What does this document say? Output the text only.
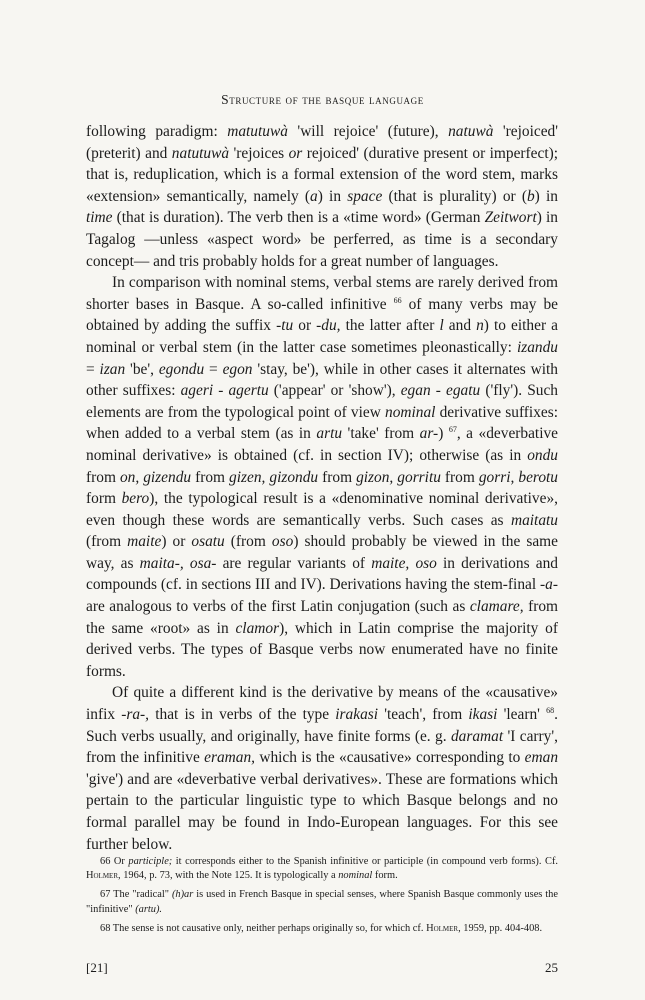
Structure of the basque language

following paradigm: matutuwà 'will rejoice' (future), natuwà 'rejoiced' (preterit) and natutuwà 'rejoices or rejoiced' (durative present or imperfect); that is, reduplication, which is a formal extension of the word stem, marks «extension» semantically, namely (a) in space (that is plurality) or (b) in time (that is duration). The verb then is a «time word» (German Zeitwort) in Tagalog —unless «aspect word» be perferred, as time is a secondary concept— and tris probably holds for a great number of languages.

In comparison with nominal stems, verbal stems are rarely derived from shorter bases in Basque. A so-called infinitive $^{66}$ of many verbs may be obtained by adding the suffix -tu or -du, the latter after l and n) to either a nominal or verbal stem (in the latter case sometimes pleonastically: izandu = izan 'be', egondu = egon 'stay, be'), while in other cases it alternates with other suffixes: ageri - agertu ('appear' or 'show'), egan - egatu ('fly'). Such elements are from the typological point of view nominal derivative suffixes: when added to a verbal stem (as in artu 'take' from ar-) $^{67}$, a «deverbative nominal derivative» is obtained (cf. in section IV); otherwise (as in ondu from on, gizendu from gizen, gizondu from gizon, gorritu from gorri, berotu form bero), the typological result is a «denominative nominal derivative», even though these words are semantically verbs. Such cases as maitatu (from maite) or osatu (from oso) should probably be viewed in the same way, as maita-, osa- are regular variants of maite, oso in derivations and compounds (cf. in sections III and IV). Derivations having the stem-final -a- are analogous to verbs of the first Latin conjugation (such as clamare, from the same «root» as in clamor), which in Latin comprise the majority of derived verbs. The types of Basque verbs now enumerated have no finite forms.

Of quite a different kind is the derivative by means of the «causative» infix -ra-, that is in verbs of the type irakasi 'teach', from ikasi 'learn' $^{68}$. Such verbs usually, and originally, have finite forms (e. g. daramat 'I carry', from the infinitive eraman, which is the «causative» corresponding to eman 'give') and are «deverbative verbal derivatives». These are formations which pertain to the particular linguistic type to which Basque belongs and no formal parallel may be found in Indo-European languages. For this see further below.

66 Or participle; it corresponds either to the Spanish infinitive or participle (in compound verb forms). Cf. Holmer, 1964, p. 73, with the Note 125. It is typologically a nominal form.

67 The "radical" (h)ar is used in French Basque in special senses, where Spanish Basque commonly uses the "infinitive" (artu).

68 The sense is not causative only, neither perhaps originally so, for which cf. Holmer, 1959, pp. 404-408.

[21]	25
